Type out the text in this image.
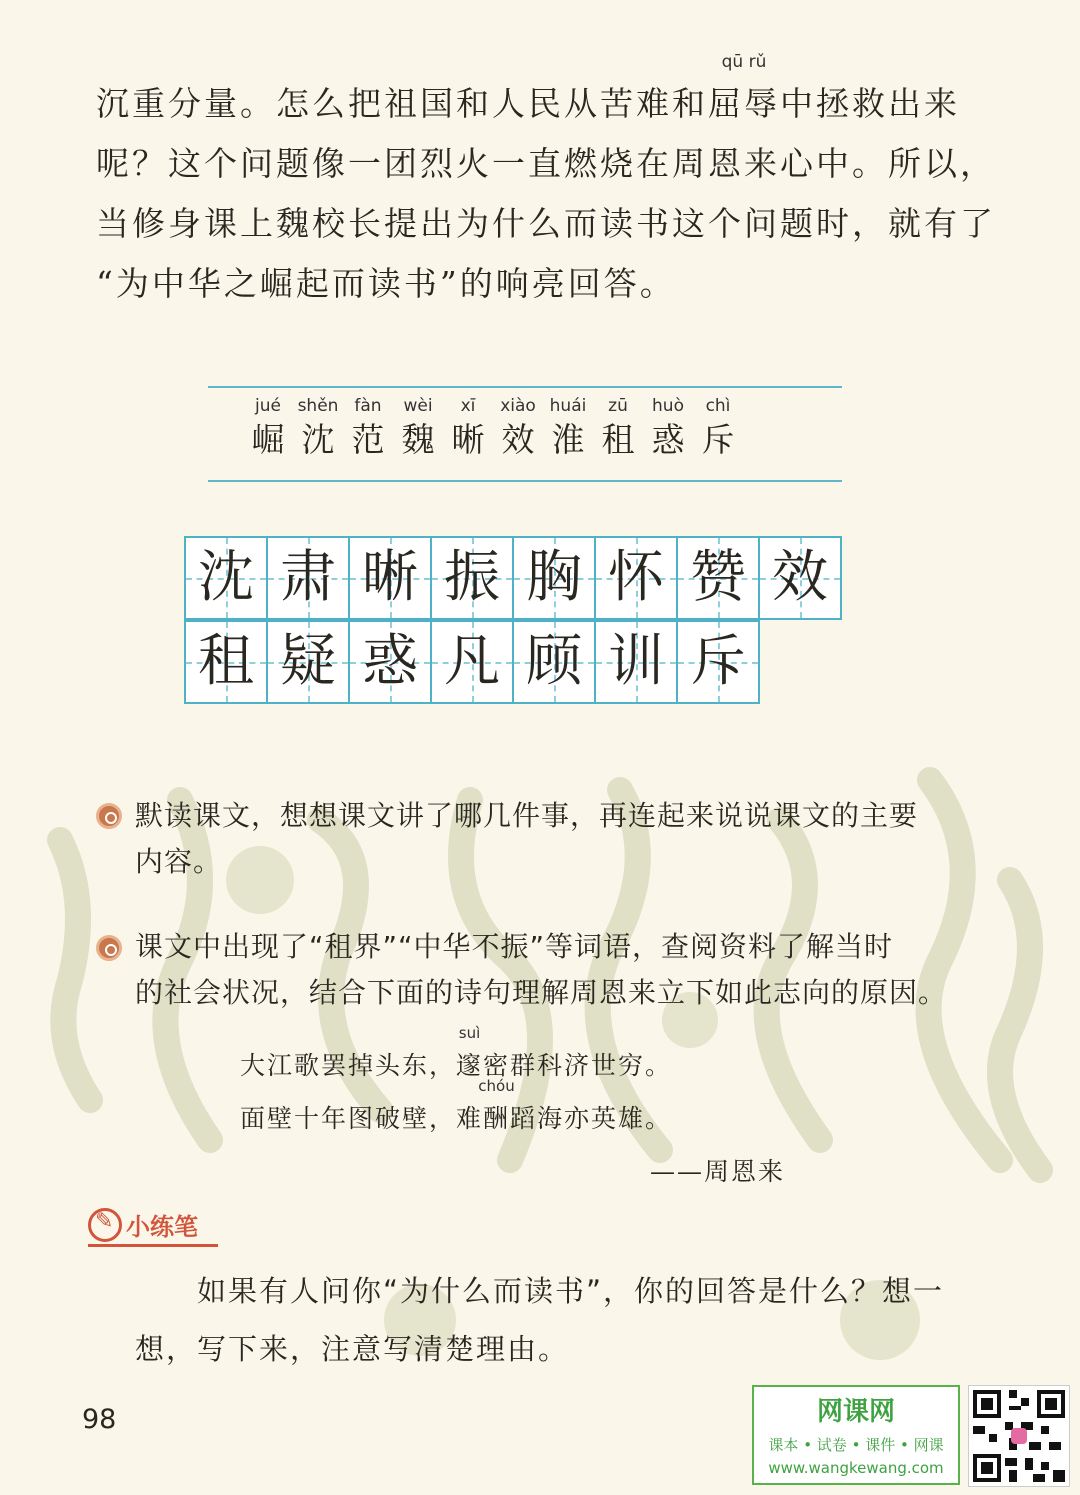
沉重分量。怎么把祖国和人民从苦难和
qū rǔ
屈辱中拯救出来
呢？这个问题像一团烈火一直燃烧在周恩来心中。所以，
当修身课上魏校长提出为什么而读书这个问题时，就有了
“为中华之崛起而读书”的响亮回答。
jué
崛
shěn
沈
fàn
范
wèi
魏
xī
晰
xiào
效
huái
淮
zū
租
huò
惑
chì
斥
沈 肃 晰 振 胸 怀 赞 效
租 疑 惑 凡 顾 训 斥
默读课文，想想课文讲了哪几件事，再连起来说说课文的主要
内容。
课文中出现了“租界”“中华不振”等词语，查阅资料了解当时
的社会状况，结合下面的诗句理解周恩来立下如此志向的原因。
大江歌罢掉头东，
suì
邃密群科济世穷。
面壁十年图破壁，难
chóu
酬蹈海亦英雄。
——周恩来
✎
小练笔
如果有人问你“为什么而读书”，你的回答是什么？想一
想，写下来，注意写清楚理由。
98	网课网
课本 • 试卷 • 课件 • 网课
www.wangkewang.com
